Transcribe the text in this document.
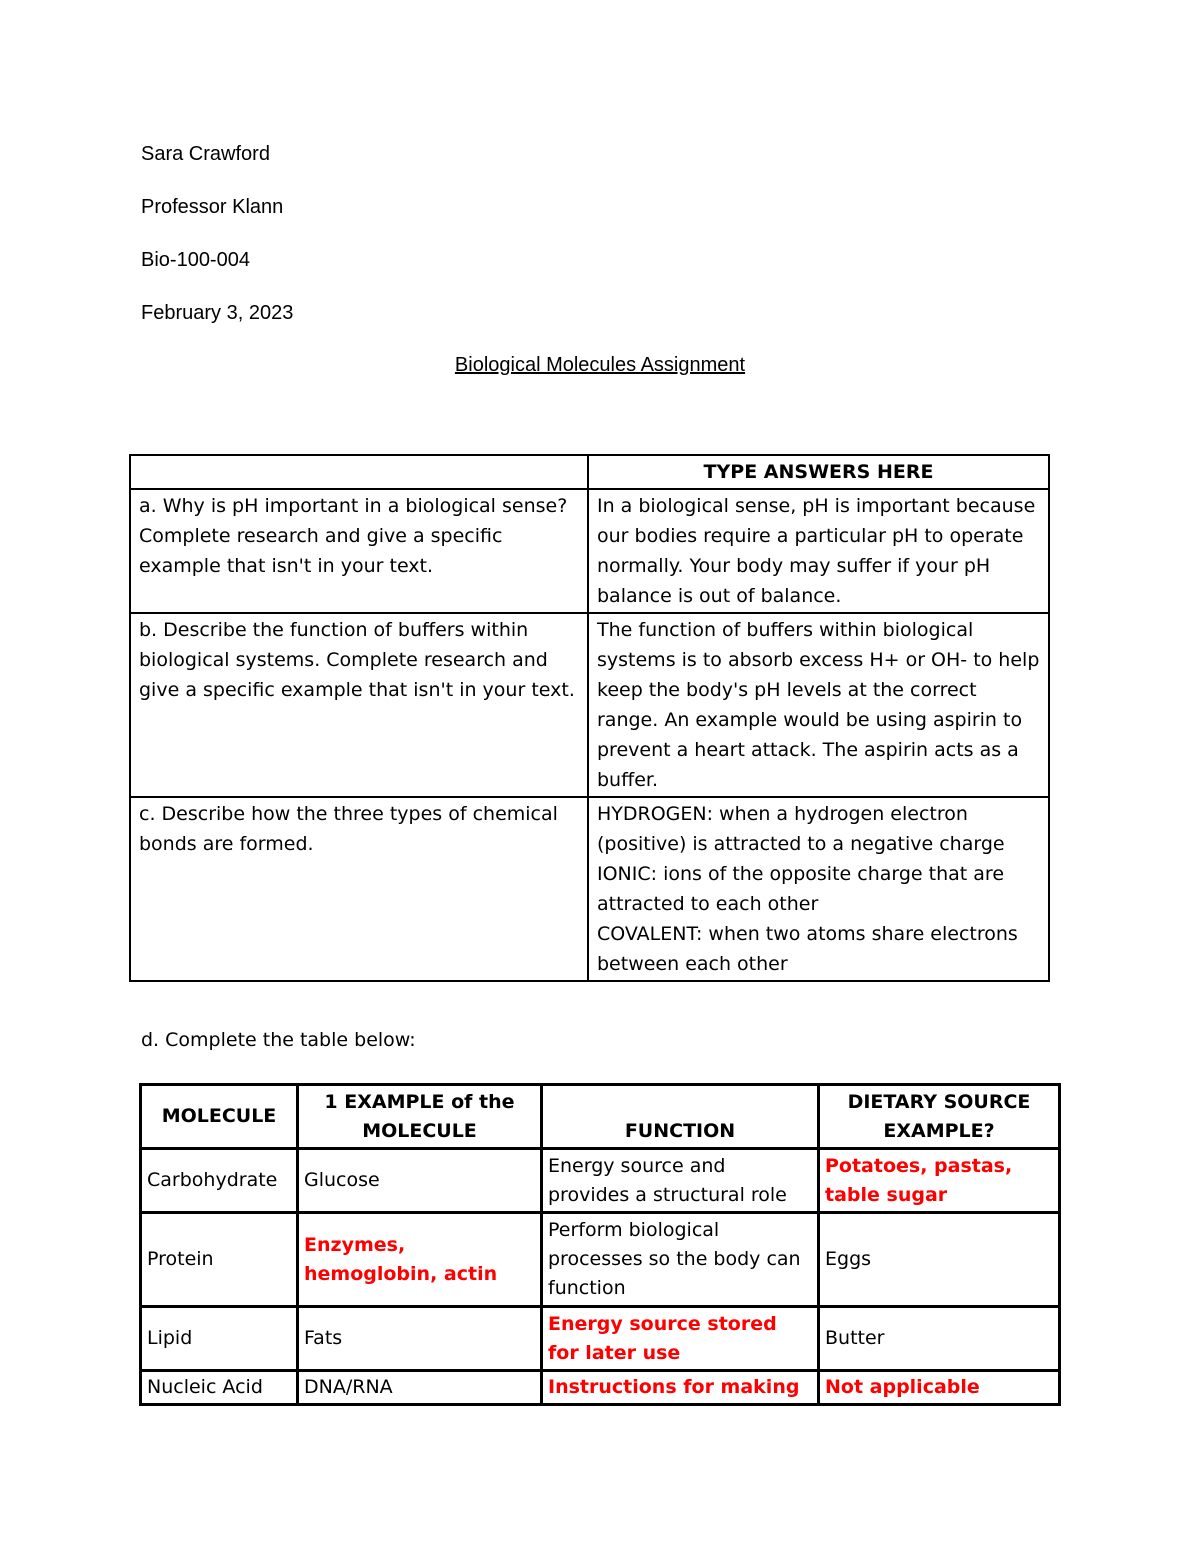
Sara Crawford
Professor Klann
Bio-100-004
February 3, 2023
Biological Molecules Assignment
	TYPE ANSWERS HERE
a. Why is pH important in a biological sense? Complete research and give a specific example that isn't in your text.	In a biological sense, pH is important because our bodies require a particular pH to operate normally. Your body may suffer if your pH balance is out of balance.
b. Describe the function of buffers within biological systems. Complete research and give a specific example that isn't in your text.	The function of buffers within biological systems is to absorb excess H+ or OH- to help keep the body's pH levels at the correct range. An example would be using aspirin to prevent a heart attack. The aspirin acts as a buffer.
c. Describe how the three types of chemical bonds are formed.	HYDROGEN: when a hydrogen electron (positive) is attracted to a negative charge
IONIC: ions of the opposite charge that are attracted to each other
COVALENT: when two atoms share electrons between each other
d. Complete the table below:
MOLECULE	1 EXAMPLE of the MOLECULE	FUNCTION	DIETARY SOURCE EXAMPLE?
Carbohydrate	Glucose	Energy source and provides a structural role	Potatoes, pastas, table sugar
Protein	Enzymes, hemoglobin, actin	Perform biological processes so the body can function	Eggs
Lipid	Fats	Energy source stored for later use	Butter
Nucleic Acid	DNA/RNA	Instructions for making	Not applicable
